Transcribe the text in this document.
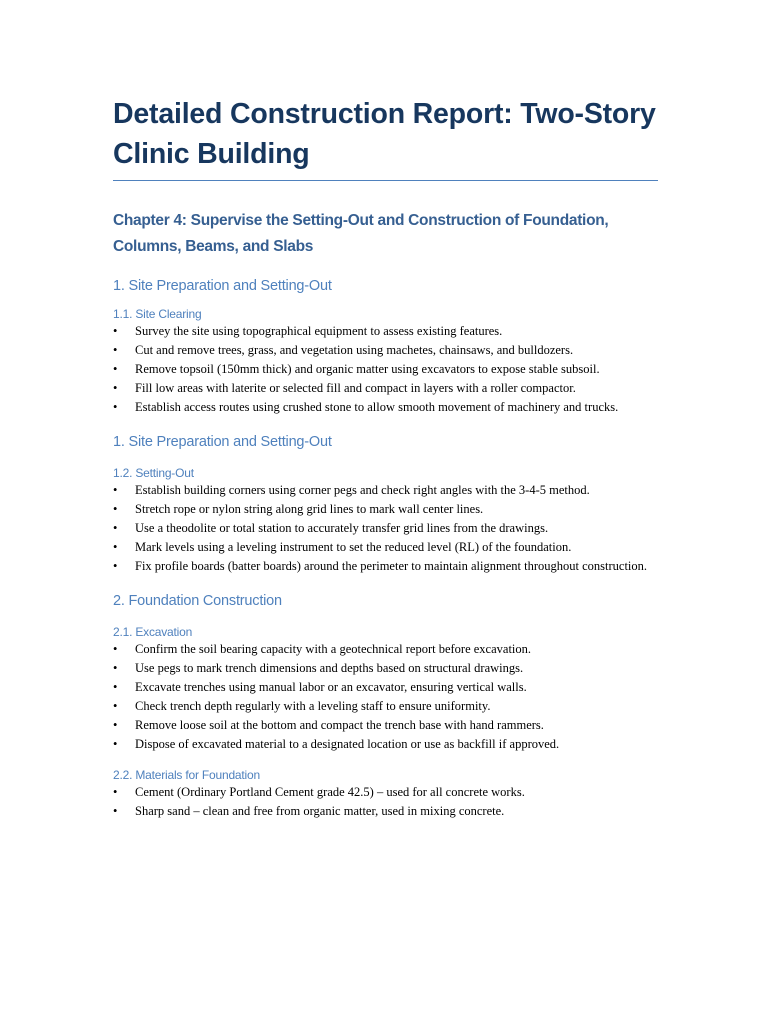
Detailed Construction Report: Two-Story Clinic Building
Chapter 4: Supervise the Setting-Out and Construction of Foundation, Columns, Beams, and Slabs
1. Site Preparation and Setting-Out
1.1. Site Clearing
•	Survey the site using topographical equipment to assess existing features.
•	Cut and remove trees, grass, and vegetation using machetes, chainsaws, and bulldozers.
•	Remove topsoil (150mm thick) and organic matter using excavators to expose stable subsoil.
•	Fill low areas with laterite or selected fill and compact in layers with a roller compactor.
•	Establish access routes using crushed stone to allow smooth movement of machinery and trucks.
1. Site Preparation and Setting-Out
1.2. Setting-Out
•	Establish building corners using corner pegs and check right angles with the 3-4-5 method.
•	Stretch rope or nylon string along grid lines to mark wall center lines.
•	Use a theodolite or total station to accurately transfer grid lines from the drawings.
•	Mark levels using a leveling instrument to set the reduced level (RL) of the foundation.
•	Fix profile boards (batter boards) around the perimeter to maintain alignment throughout construction.
2. Foundation Construction
2.1. Excavation
•	Confirm the soil bearing capacity with a geotechnical report before excavation.
•	Use pegs to mark trench dimensions and depths based on structural drawings.
•	Excavate trenches using manual labor or an excavator, ensuring vertical walls.
•	Check trench depth regularly with a leveling staff to ensure uniformity.
•	Remove loose soil at the bottom and compact the trench base with hand rammers.
•	Dispose of excavated material to a designated location or use as backfill if approved.
2.2. Materials for Foundation
•	Cement (Ordinary Portland Cement grade 42.5) – used for all concrete works.
•	Sharp sand – clean and free from organic matter, used in mixing concrete.
